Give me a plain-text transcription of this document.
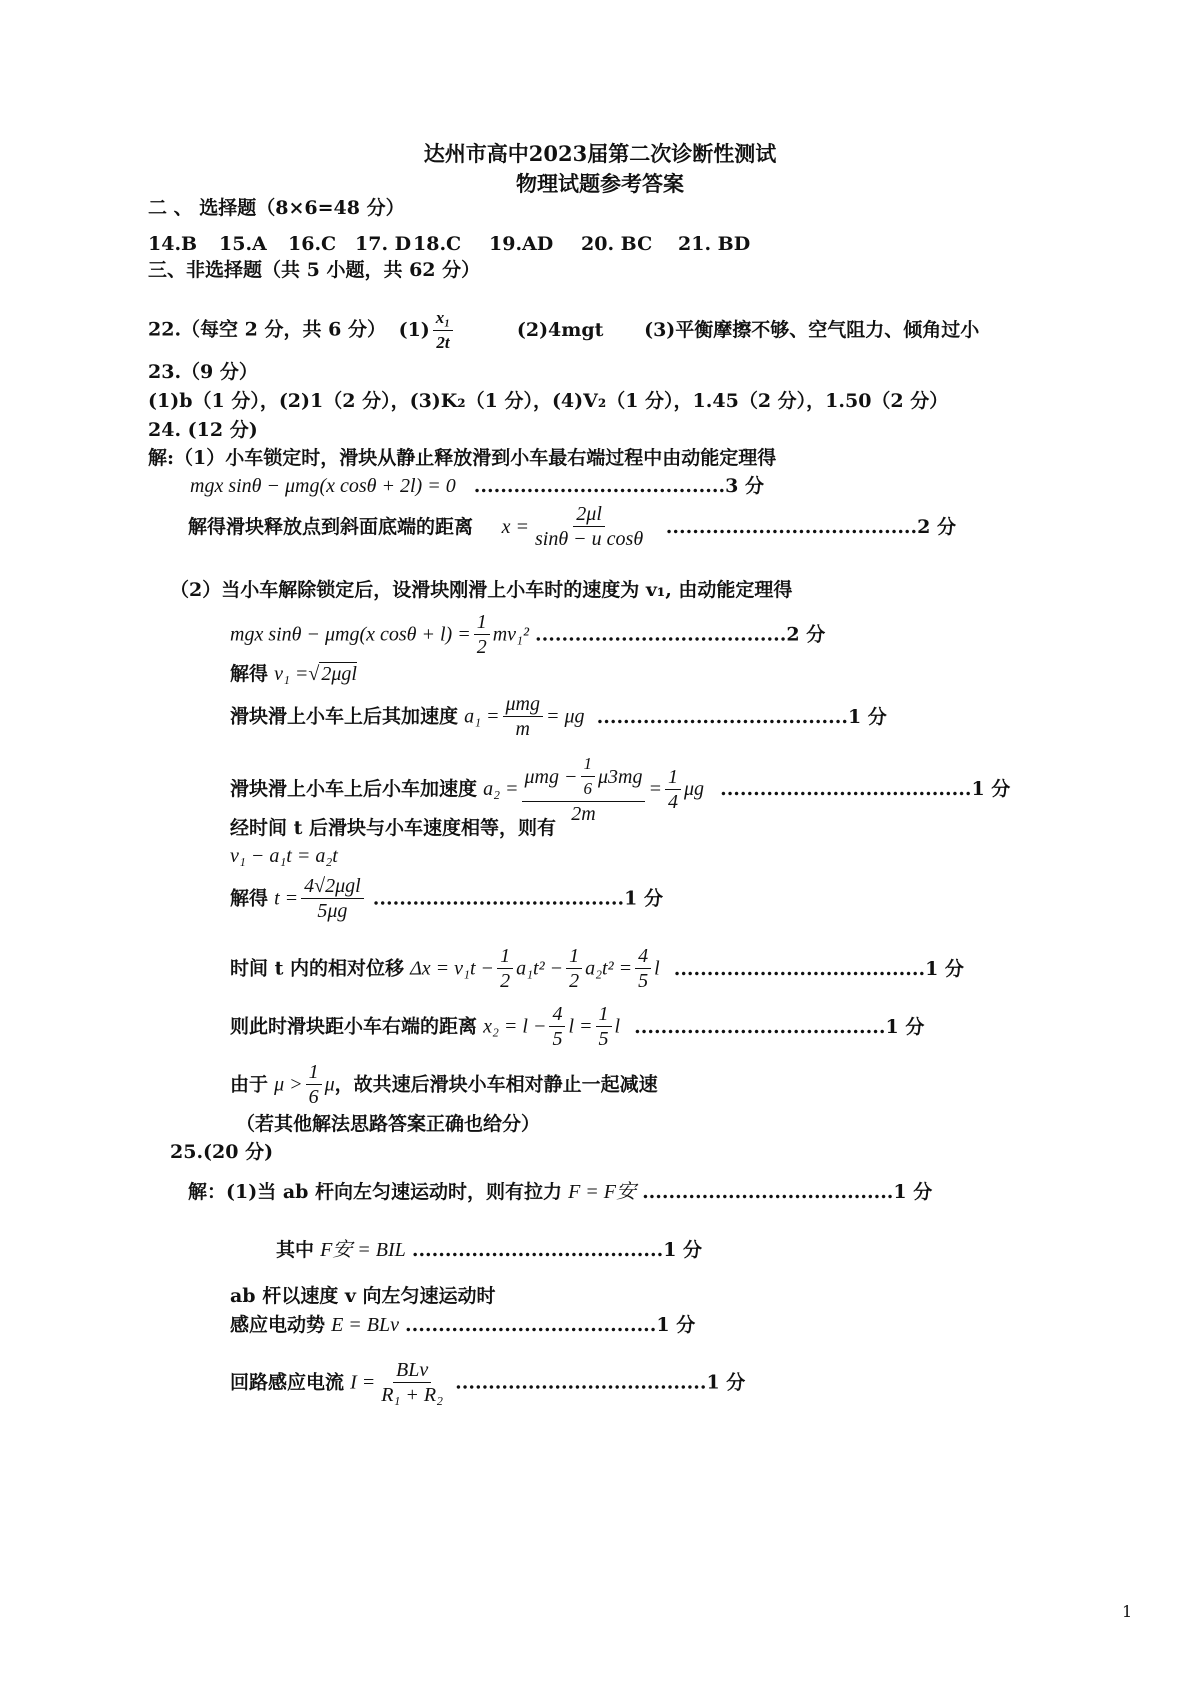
达州市高中2023届第二次诊断性测试
物理试题参考答案
二 、 选择题（8×6=48 分）
14.B 15.A 16.C 17. D 18.C 19.AD 20. BC 21. BD
三、非选择题（共 5 小题，共 62 分）
22.（每空 2 分，共 6 分） $(1) \frac{\text{x₁}}{2t}$	(2)4mgt (3)平衡摩擦不够、空气阻力、倾角过小
23.（9 分）
(1)b（1 分），(2)1（2 分），(3)K₂（1 分），(4)V₂（1 分），1.45（2 分），1.50（2 分）
24. (12 分)
解:（1）小车锁定时，滑块从静止释放滑到小车最右端过程中由动能定理得
mgx sinθ − μmg(x cosθ + 2l) = 0 ......................................3 分
解得滑块释放点到斜面底端的距离 $x = \frac{2\mu l}{\text{sinθ − u cosθ}} ......................................2$ 分
（2）当小车解除锁定后，设滑块刚滑上小车时的速度为 v₁, 由动能定理得
mgx sinθ − μmg(x $\cos\theta + l) = \frac{1}{2} mv_1^2$ ......................................2 分
解得 v₁ =√ 2μgl
滑块滑上小车上后其加速度 $a_1 = \frac{\text{μmg}}{m} = \mu g$ ......................................1 分
滑块滑上小车上后小车加速度 $a_2 = \frac{\mu mg - \frac{1}{6} \mu 3mg}{2m} = \frac{1}{4}$ μg ......................................1 分
经时间 t 后滑块与小车速度相等，则有
v₁ − a₁t = a₂t
解得 $t = \frac{\text{4√2μgl}}{5\mu g} ......................................1$ 分
时间 t 内的相对位移 $\Delta x = v_1t - \frac{1}{2} a_1t^2 - \frac{1}{2} a_2t^2 = \frac{4}{5}$ l ......................................1 分
则此时滑块距小车右端的距离 $x_2 = l - \frac{4}{5}$ $l = \frac{1}{5}$ l ......................................1 分
由于 $\mu > \frac{1}{6}$ μ，故共速后滑块小车相对静止一起减速
（若其他解法思路答案正确也给分）
25.(20 分)
解：(1)当 ab 杆向左匀速运动时，则有拉力 F = F安 ......................................1 分
其中 F安 = BIL ......................................1 分
ab 杆以速度 v 向左匀速运动时
感应电动势 E = BLv ......................................1 分
回路感应电流 $I = \frac{\text{BLv}}{\text{R₁ + R₂}} ......................................1$ 分
1
